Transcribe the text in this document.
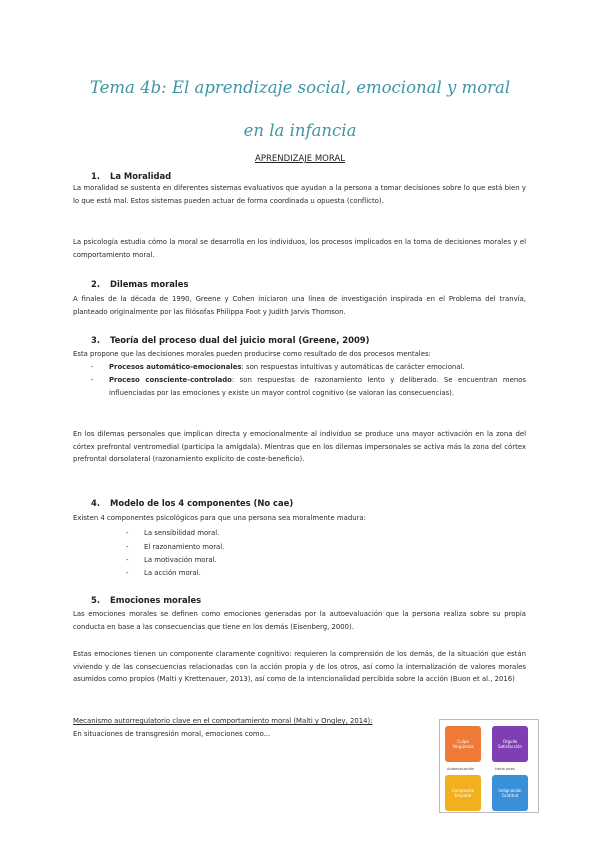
Tema 4b: El aprendizaje social, emocional y moral
en la infancia
APRENDIZAJE MORAL
1. La Moralidad
La moralidad se sustenta en diferentes sistemas evaluativos que ayudan a la persona a tomar decisiones sobre lo que está bien y lo que está mal. Estos sistemas pueden actuar de forma coordinada u opuesta (conflicto).
La psicología estudia cómo la moral se desarrolla en los individuos, los procesos implicados en la toma de decisiones morales y el comportamiento moral.
2. Dilemas morales
A finales de la década de 1990, Greene y Cohen iniciaron una línea de investigación inspirada en el Problema del tranvía, planteado originalmente por las filósofas Philippa Foot y Judith Jarvis Thomson.
3. Teoría del proceso dual del juicio moral (Greene, 2009)
Esta propone que las decisiones morales pueden producirse como resultado de dos procesos mentales:
- Procesos automático-emocionales: son respuestas intuitivas y automáticas de carácter emocional.
- Proceso consciente-controlado: son respuestas de razonamiento lento y deliberado. Se encuentran menos influenciadas por las emociones y existe un mayor control cognitivo (se valoran las consecuencias).
En los dilemas personales que implican directa y emocionalmente al individuo se produce una mayor activación en la zona del córtex prefrontal ventromedial (participa la amígdala). Mientras que en los dilemas impersonales se activa más la zona del córtex prefrontal dorsolateral (razonamiento explícito de coste-beneficio).
4. Modelo de los 4 componentes (No cae)
Existen 4 componentes psicológicos para que una persona sea moralmente madura:
- La sensibilidad moral.
- El razonamiento moral.
- La motivación moral.
- La acción moral.
5. Emociones morales
Las emociones morales se definen como emociones generadas por la autoevaluación que la persona realiza sobre su propia conducta en base a las consecuencias que tiene en los demás (Eisenberg, 2000).
Estas emociones tienen un componente claramente cognitivo: requieren la comprensión de los demás, de la situación que están viviendo y de las consecuencias relacionadas con la acción propia y de los otros, así como la internalización de valores morales asumidos como propios (Malti y Krettenauer, 2013), así como de la intencionalidad percibida sobre la acción (Buon et al., 2016)
Mecanismo autorregulatorio clave en el comportamiento moral (Malti y Ongley, 2014):
En situaciones de transgresión moral, emociones como...
Culpa Vergüenza
Orgullo Satisfacción
Compasión Empatía
Indignación Gratitud
Autoevaluación	Hacia otros
